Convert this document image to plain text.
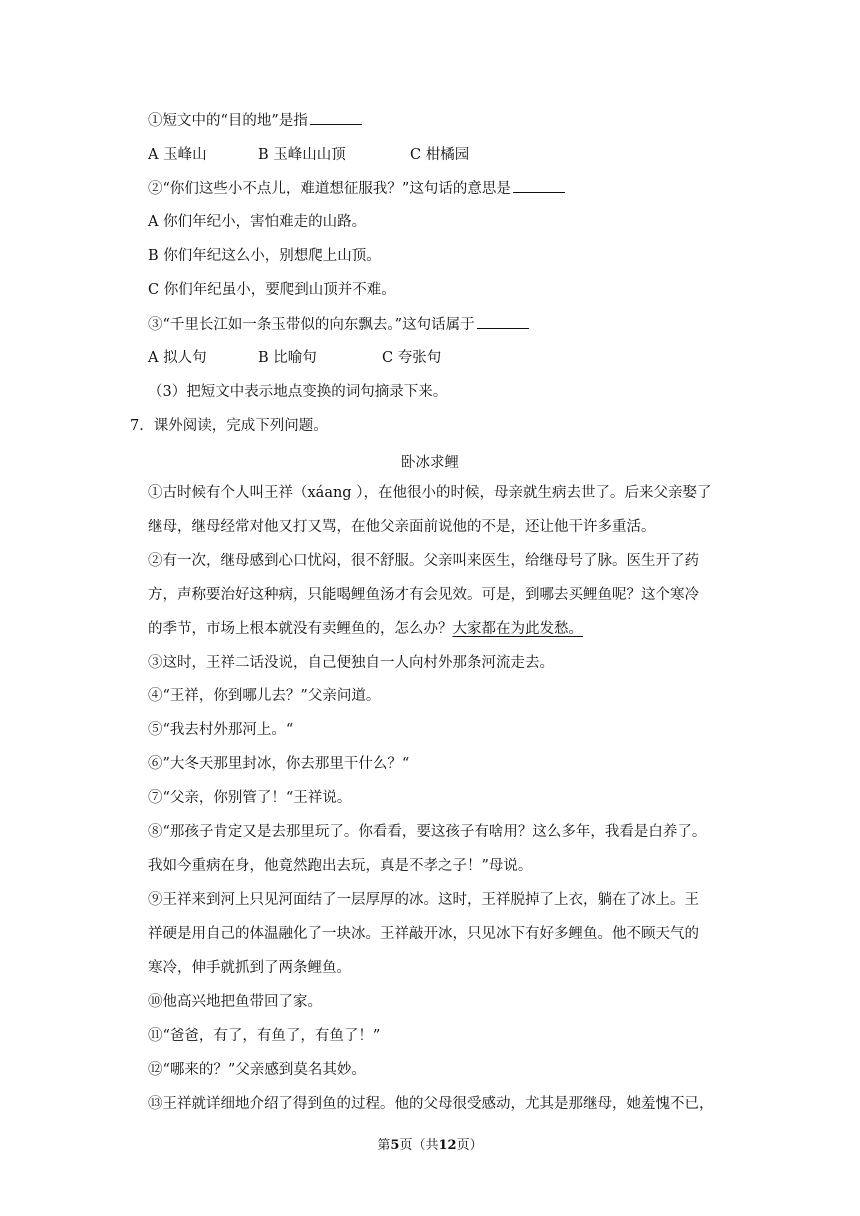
①短文中的“目的地”是指
A 玉峰山	B 玉峰山山顶	C 柑橘园
②“你们这些小不点儿，难道想征服我？”这句话的意思是
A 你们年纪小，害怕难走的山路。
B 你们年纪这么小，别想爬上山顶。
C 你们年纪虽小，要爬到山顶并不难。
③“千里长江如一条玉带似的向东飘去。”这句话属于
A 拟人句	B 比喻句	C 夸张句
（3）把短文中表示地点变换的词句摘录下来。
7．课外阅读，完成下列问题。
卧冰求鲤
①古时候有个人叫王祥（xáang ），在他很小的时候，母亲就生病去世了。后来父亲娶了
继母，继母经常对他又打又骂，在他父亲面前说他的不是，还让他干许多重活。
②有一次，继母感到心口忧闷，很不舒服。父亲叫来医生，给继母号了脉。医生开了药
方，声称要治好这种病，只能喝鲤鱼汤才有会见效。可是，到哪去买鲤鱼呢？这个寒冷
的季节，市场上根本就没有卖鲤鱼的，怎么办？大家都在为此发愁。
③这时，王祥二话没说，自己便独自一人向村外那条河流走去。
④“王祥，你到哪儿去？”父亲问道。
⑤“我去村外那河上。“
⑥”大冬天那里封冰，你去那里干什么？“
⑦“父亲，你别管了！“王祥说。
⑧“那孩子肯定又是去那里玩了。你看看，要这孩子有啥用？这么多年，我看是白养了。
我如今重病在身，他竟然跑出去玩，真是不孝之子！”母说。
⑨王祥来到河上只见河面结了一层厚厚的冰。这时，王祥脱掉了上衣，躺在了冰上。王
祥硬是用自己的体温融化了一块冰。王祥敲开冰，只见冰下有好多鲤鱼。他不顾天气的
寒冷，伸手就抓到了两条鲤鱼。
⑩他高兴地把鱼带回了家。
⑪“爸爸，有了，有鱼了，有鱼了！”
⑫“哪来的？”父亲感到莫名其妙。
⑬王祥就详细地介绍了得到鱼的过程。他的父母很受感动，尤其是那继母，她羞愧不已，
第5页（共12页）
